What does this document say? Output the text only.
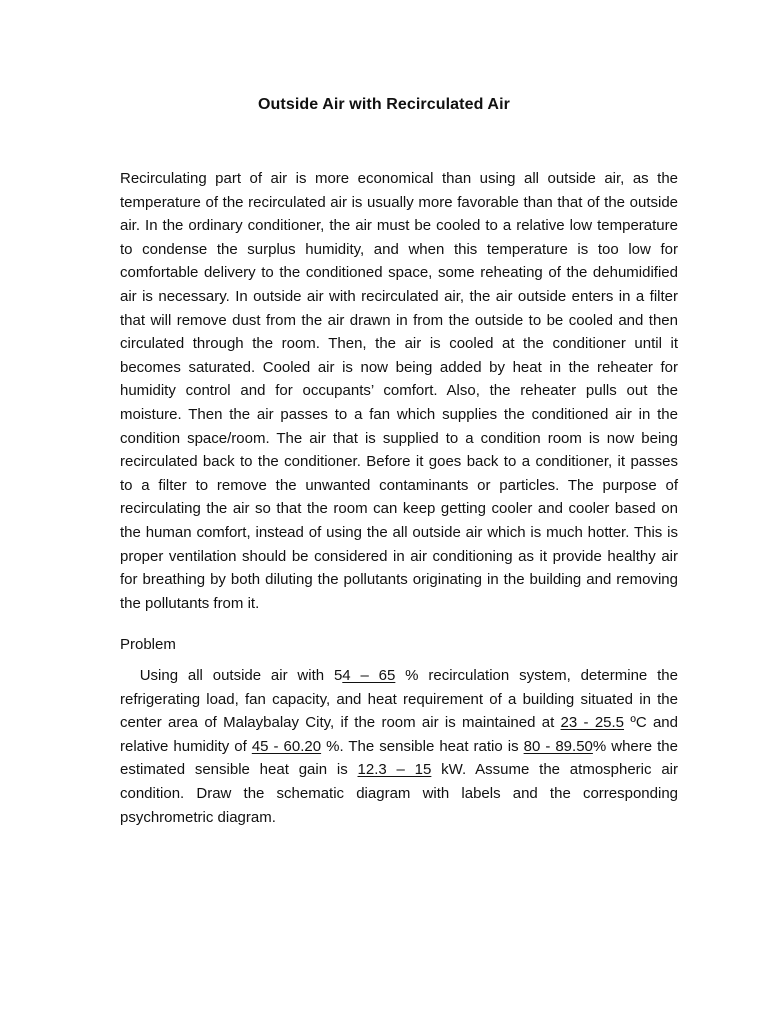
Outside Air with Recirculated Air
Recirculating part of air is more economical than using all outside air, as the temperature of the recirculated air is usually more favorable than that of the outside air. In the ordinary conditioner, the air must be cooled to a relative low temperature to condense the surplus humidity, and when this temperature is too low for comfortable delivery to the conditioned space, some reheating of the dehumidified air is necessary. In outside air with recirculated air, the air outside enters in a filter that will remove dust from the air drawn in from the outside to be cooled and then circulated through the room. Then, the air is cooled at the conditioner until it becomes saturated. Cooled air is now being added by heat in the reheater for humidity control and for occupants’ comfort. Also, the reheater pulls out the moisture. Then the air passes to a fan which supplies the conditioned air in the condition space/room. The air that is supplied to a condition room is now being recirculated back to the conditioner. Before it goes back to a conditioner, it passes to a filter to remove the unwanted contaminants or particles. The purpose of recirculating the air so that the room can keep getting cooler and cooler based on the human comfort, instead of using the all outside air which is much hotter. This is proper ventilation should be considered in air conditioning as it provide healthy air for breathing by both diluting the pollutants originating in the building and removing the pollutants from it.
Problem
Using all outside air with 54 – 65 % recirculation system, determine the refrigerating load, fan capacity, and heat requirement of a building situated in the center area of Malaybalay City, if the room air is maintained at 23 - 25.5 ºC and relative humidity of 45 - 60.20 %. The sensible heat ratio is 80 - 89.50% where the estimated sensible heat gain is 12.3 – 15 kW. Assume the atmospheric air condition. Draw the schematic diagram with labels and the corresponding psychrometric diagram.
